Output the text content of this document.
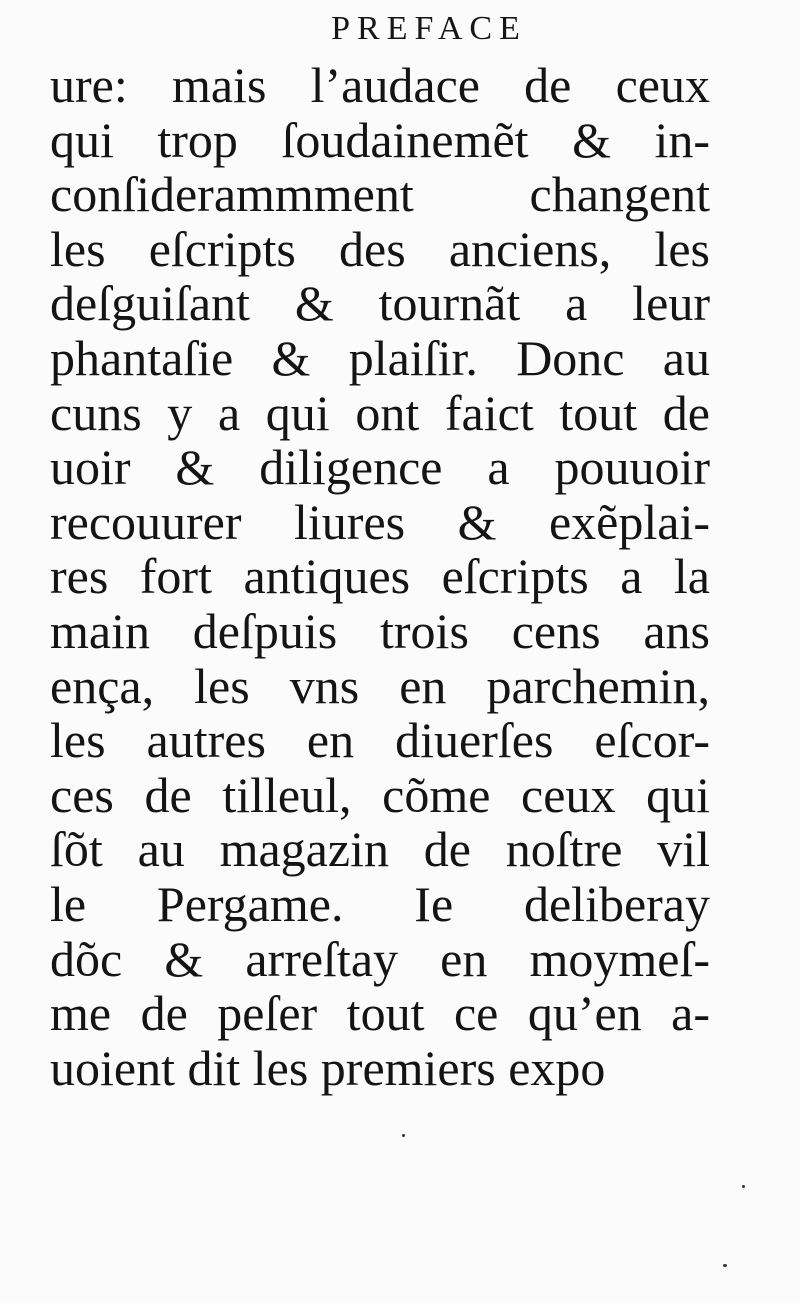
PREFACE
ure: mais l’audace de ceux
qui trop ſoudainemẽt & in-
conſiderammment changent
les eſcripts des anciens, les
deſguiſant & tournãt a leur
phantaſie & plaiſir. Donc au
cuns y a qui ont faict tout de
uoir & diligence a pouuoir
recouurer liures & exẽplai-
res fort antiques eſcripts a la
main deſpuis trois cens ans
ença, les vns en parchemin,
les autres en diuerſes eſcor-
ces de tilleul, cõme ceux qui
ſõt au magazin de noſtre vil
le Pergame. Ie deliberay
dõc & arreſtay en moymeſ-
me de peſer tout ce qu’en a-
uoient dit les premiers expo
